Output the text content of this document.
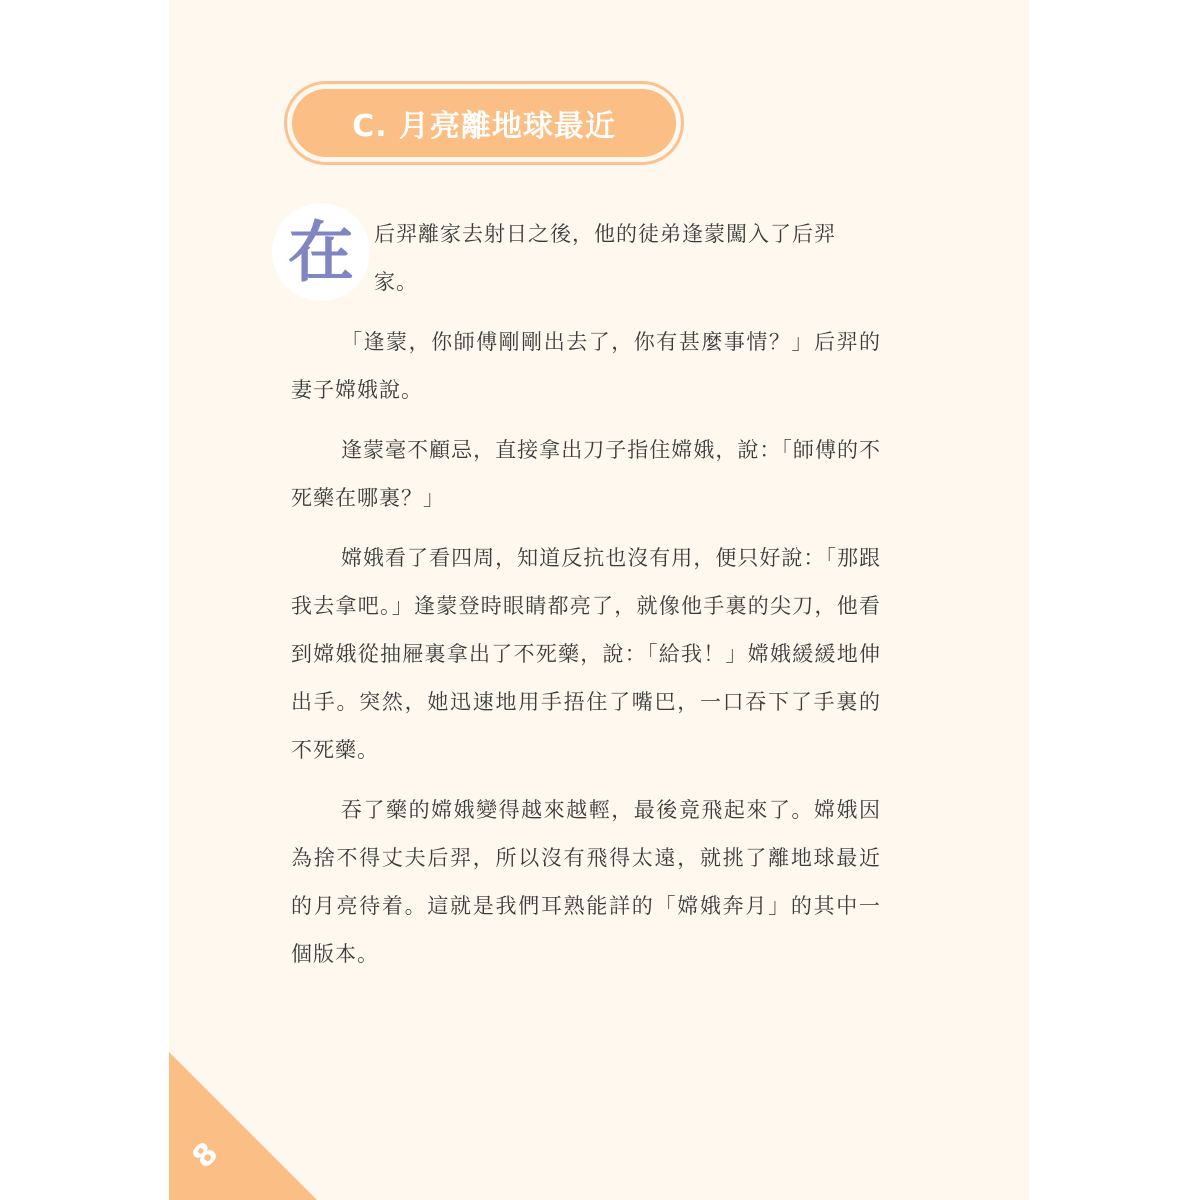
C. 月亮離地球最近
在 后羿離家去射日之後，他的徒弟逢蒙闖入了后羿家。

「逢蒙，你師傅剛剛出去了，你有甚麼事情？」后羿的妻子嫦娥說。

逢蒙毫不顧忌，直接拿出刀子指住嫦娥，說：「師傅的不死藥在哪裏？」

嫦娥看了看四周，知道反抗也沒有用，便只好說：「那跟我去拿吧。」逢蒙登時眼睛都亮了，就像他手裏的尖刀，他看到嫦娥從抽屜裏拿出了不死藥，說：「給我！」嫦娥緩緩地伸出手。突然，她迅速地用手捂住了嘴巴，一口吞下了手裏的不死藥。

吞了藥的嫦娥變得越來越輕，最後竟飛起來了。嫦娥因為捨不得丈夫后羿，所以沒有飛得太遠，就挑了離地球最近的月亮待着。這就是我們耳熟能詳的「嫦娥奔月」的其中一個版本。

8
